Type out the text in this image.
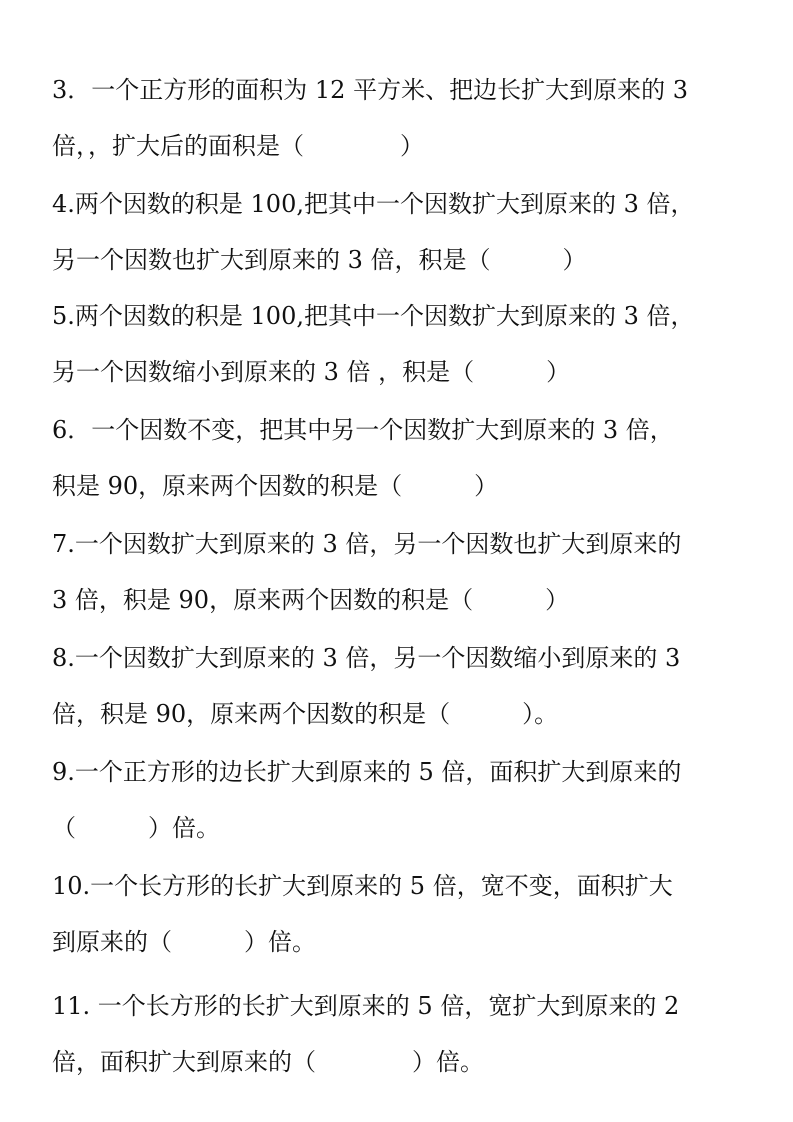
3．一个正方形的面积为 12 平方米、把边长扩大到原来的 3
倍，，扩大后的面积是（　　　　）
4.两个因数的积是 100,把其中一个因数扩大到原来的 3 倍，
另一个因数也扩大到原来的 3 倍，积是（　　　）
5.两个因数的积是 100,把其中一个因数扩大到原来的 3 倍，
另一个因数缩小到原来的 3 倍 ，积是（　　　）
6．一个因数不变，把其中另一个因数扩大到原来的 3 倍，
积是 90，原来两个因数的积是（　　　）
7.一个因数扩大到原来的 3 倍，另一个因数也扩大到原来的
3 倍，积是 90，原来两个因数的积是（　　　）
8.一个因数扩大到原来的 3 倍，另一个因数缩小到原来的 3
倍，积是 90，原来两个因数的积是（　　　）。
9.一个正方形的边长扩大到原来的 5 倍，面积扩大到原来的
（　　　）倍。
10.一个长方形的长扩大到原来的 5 倍，宽不变，面积扩大
到原来的（　　　）倍。
11. 一个长方形的长扩大到原来的 5 倍，宽扩大到原来的 2
倍，面积扩大到原来的（　　　　）倍。
